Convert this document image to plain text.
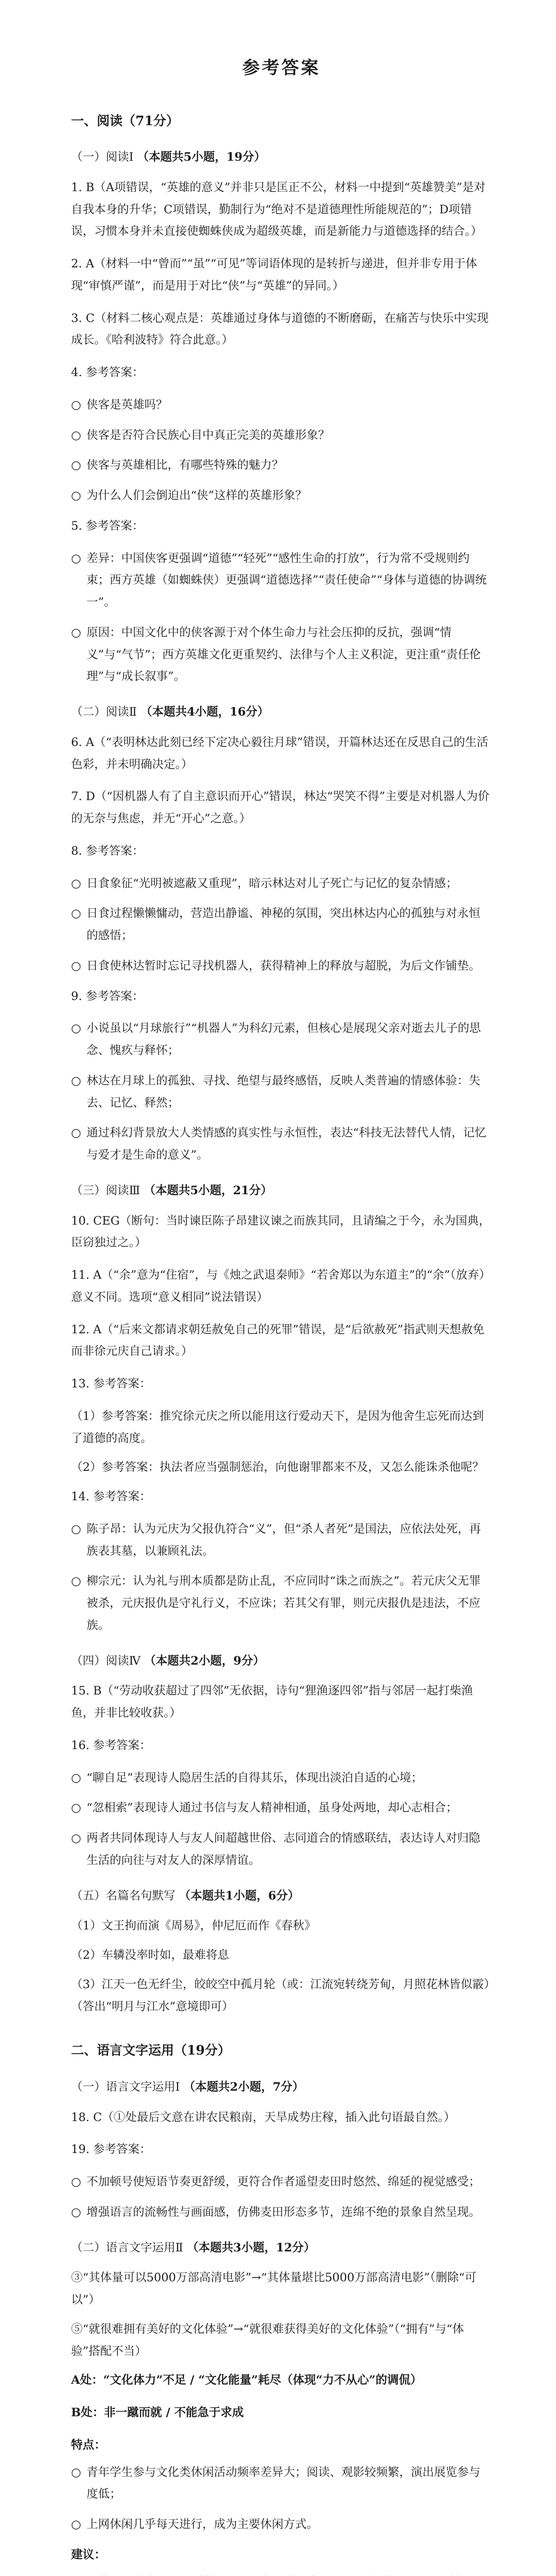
参考答案
一、阅读（71分）
（一）阅读Ⅰ （本题共5小题，19分）

1. B（A项错误，“英雄的意义”并非只是匡正不公，材料一中提到“英雄赞美”是对自我本身的升华；C项错误，勤制行为“绝对不是道德理性所能规范的”；D项错误，习惯本身并未直接使蜘蛛侠成为超级英雄，而是新能力与道德选择的结合。）

2. A（材料一中“曾而”“虽”“可见”等词语体现的是转折与递进，但并非专用于体现“审慎严谨”，而是用于对比“侠”与“英雄”的异同。）

3. C（材料二核心观点是：英雄通过身体与道德的不断磨砺，在痛苦与快乐中实现成长。《哈利波特》符合此意。）

4. 参考答案：

○ 侠客是英雄吗？

○ 侠客是否符合民族心目中真正完美的英雄形象？

○ 侠客与英雄相比，有哪些特殊的魅力？

○ 为什么人们会倒迫出“侠”这样的英雄形象？

5. 参考答案：

○ 差异：中国侠客更强调“道德”“轻死”“感性生命的打放”，行为常不受规则约束；西方英雄（如蜘蛛侠）更强调“道德选择”“责任使命”“身体与道德的协调统一”。

○ 原因：中国文化中的侠客源于对个体生命力与社会压抑的反抗，强调“情义”与“气节”；西方英雄文化更重契约、法律与个人主义积淀，更注重“责任伦理”与“成长叙事”。

（二）阅读Ⅱ （本题共4小题，16分）

6. A（“表明林达此刻已经下定决心毅往月球”错误，开篇林达还在反思自己的生活色彩，并未明确决定。）

7. D（“因机器人有了自主意识而开心”错误，林达“哭笑不得”主要是对机器人为价的无奈与焦虑，并无“开心”之意。）

8. 参考答案：

○ 日食象征“光明被遮蔽又重现”，暗示林达对儿子死亡与记忆的复杂情感；

○ 日食过程懒懒慵动，营造出静谧、神秘的氛围，突出林达内心的孤独与对永恒的感悟；

○ 日食使林达暂时忘记寻找机器人，获得精神上的释放与超脱，为后文作铺垫。

9. 参考答案：

○ 小说虽以“月球旅行”“机器人”为科幻元素，但核心是展现父亲对逝去儿子的思念、愧疚与释怀；

○ 林达在月球上的孤独、寻找、绝望与最终感悟，反映人类普遍的情感体验：失去、记忆、释然；

○ 通过科幻背景放大人类情感的真实性与永恒性，表达“科技无法替代人情，记忆与爱才是生命的意义”。

（三）阅读Ⅲ （本题共5小题，21分）

10. CEG（断句：当时谏臣陈子昂建议谏之而族其同，且请编之于今，永为国典，臣窃独过之。）

11. A（“余”意为“住宿”，与《烛之武退秦师》“若舍郑以为东道主”的“余”（放弃）意义不同。选项“意义相同”说法错误）

12. A（“后来文都请求朝廷赦免自己的死罪”错误，是“后欲赦死”指武则天想赦免而非徐元庆自己请求。）

13. 参考答案：

（1）参考答案：推究徐元庆之所以能用这行爱动天下，是因为他舍生忘死而达到了道德的高度。

（2）参考答案：执法者应当强制惩治，向他谢罪都来不及，又怎么能诛杀他呢？

14. 参考答案：

○ 陈子昂：认为元庆为父报仇符合“义”，但“杀人者死”是国法，应依法处死，再族表其墓，以兼顾礼法。

○ 柳宗元：认为礼与刑本质都是防止乱，不应同时“诛之而族之”。若元庆父无罪被杀，元庆报仇是守礼行义，不应诛；若其父有罪，则元庆报仇是违法，不应族。

（四）阅读Ⅳ （本题共2小题，9分）

15. B（“劳动收获超过了四邻”无依据，诗句“狸渔逐四邻”指与邻居一起打柴渔鱼，并非比较收获。）

16. 参考答案：

○ “聊自足”表现诗人隐居生活的自得其乐，体现出淡泊自适的心境；

○ “忽相索”表现诗人通过书信与友人精神相通，虽身处两地，却心志相合；

○ 两者共同体现诗人与友人间超越世俗、志同道合的情感联结，表达诗人对归隐生活的向往与对友人的深厚情谊。

（五）名篇名句默写 （本题共1小题，6分）

（1）文王拘而演《周易》，仲尼厄而作《春秋》

（2）车辚没率时如，最难将息

（3）江天一色无纤尘，皎皎空中孤月轮（或：江流宛转绕芳甸，月照花林皆似霰）（答出“明月与江水”意境即可）

二、语言文字运用（19分）
（一）语言文字运用Ⅰ （本题共2小题，7分）

18. C（①处最后文意在讲农民粮南，天旱成势庄稼，插入此句语最自然。）

19. 参考答案：

○ 不加顿号使短语节奏更舒缓，更符合作者遥望麦田时悠然、绵延的视觉感受；

○ 增强语言的流畅性与画面感，仿佛麦田形态多节，连绵不绝的景象自然呈现。

（二）语言文字运用Ⅱ （本题共3小题，12分）

③“其体量可以5000万部高清电影”→“其体量堪比5000万部高清电影”（删除“可以”）

⑤“就很难拥有美好的文化体验”→“就很难获得美好的文化体验”（“拥有”与“体验”搭配不当）

A处：“文化体力”不足 / “文化能量”耗尽（体现“力不从心”的调侃）

B处：非一蹴而就 / 不能急于求成

特点：

○ 青年学生参与文化类休闲活动频率差异大；阅读、观影较频繁，演出展览参与度低；

○ 上网休闲几乎每天进行，成为主要休闲方式。

建议：
